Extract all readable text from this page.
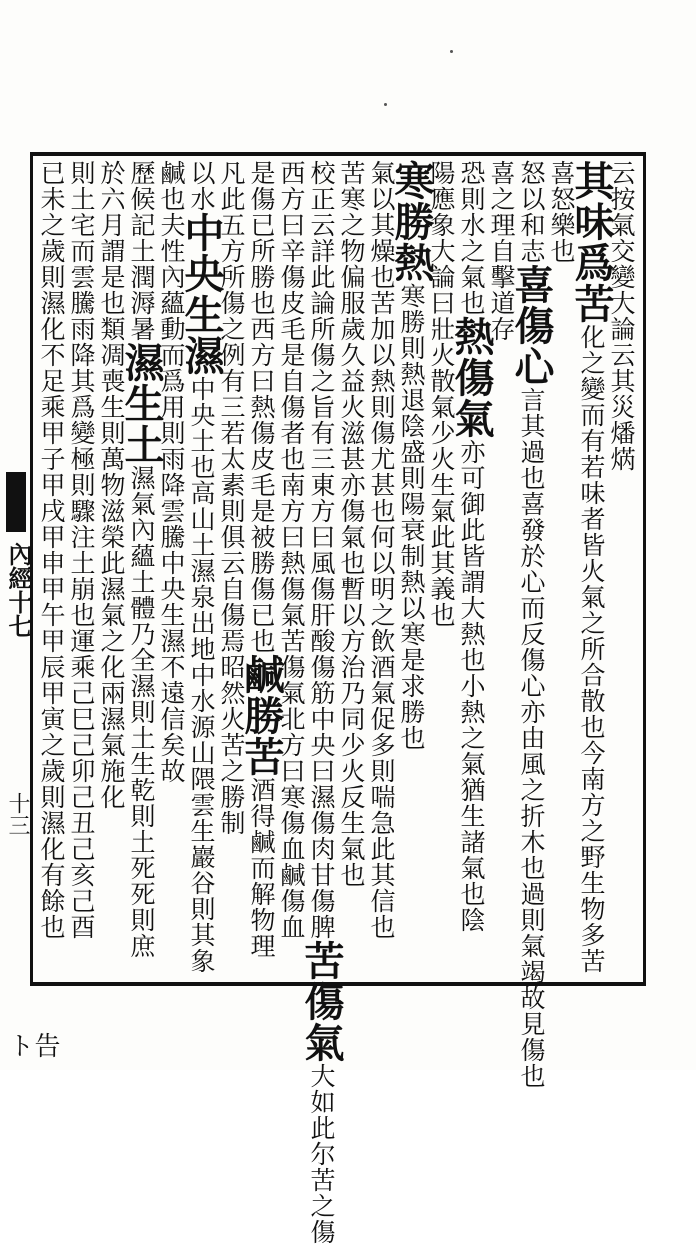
內經十七
十三
告ト
云按氣交變大論云其災燔焫
其味爲苦化之變而有若味者皆火氣之所合散也今南方之野生物多苦
喜怒樂也
怒以和志喜傷心言其過也喜發於心而反傷心亦由風之折木也過則氣竭故見傷也
喜之理自擊道存
恐則水之氣也熱傷氣亦可御此皆謂大熱也小熱之氣猶生諸氣也陰
陽應象大論曰壯火散氣少火生氣此其義也
寒勝熱寒勝則熱退陰盛則陽衰制熱以寒是求勝也
氣以其燥也苦加以熱則傷尤甚也何以明之飲酒氣促多則喘急此其信也
苦寒之物偏服歲久益火滋甚亦傷氣也暫以方治乃同少火反生氣也
校正云詳此論所傷之旨有三東方曰風傷肝酸傷筋中央曰濕傷肉甘傷脾苦傷氣大如此尔苦之傷
西方曰辛傷皮毛是自傷者也南方曰熱傷氣苦傷氣北方曰寒傷血鹹傷血
是傷已所勝也西方曰熱傷皮毛是被勝傷已也鹹勝苦酒得鹹而解物理
凡此五方所傷之例有三若太素則俱云自傷焉昭然火苦之勝制
以水中央生濕中央土也高山土濕泉出地中水源山隈雲生巖谷則其象
鹹也夫性內蘊動而爲用則雨降雲騰中央生濕不遠信矣故
歷候記土潤溽暑濕生土濕氣內蘊土體乃全濕則土生乾則土死死則庶
於六月謂是也類凋喪生則萬物滋榮此濕氣之化兩濕氣施化
則土宅而雲騰雨降其爲變極則驟注土崩也運乘己巳己卯己丑己亥己酉
已未之歲則濕化不足乘甲子甲戌甲申甲午甲辰甲寅之歲則濕化有餘也
